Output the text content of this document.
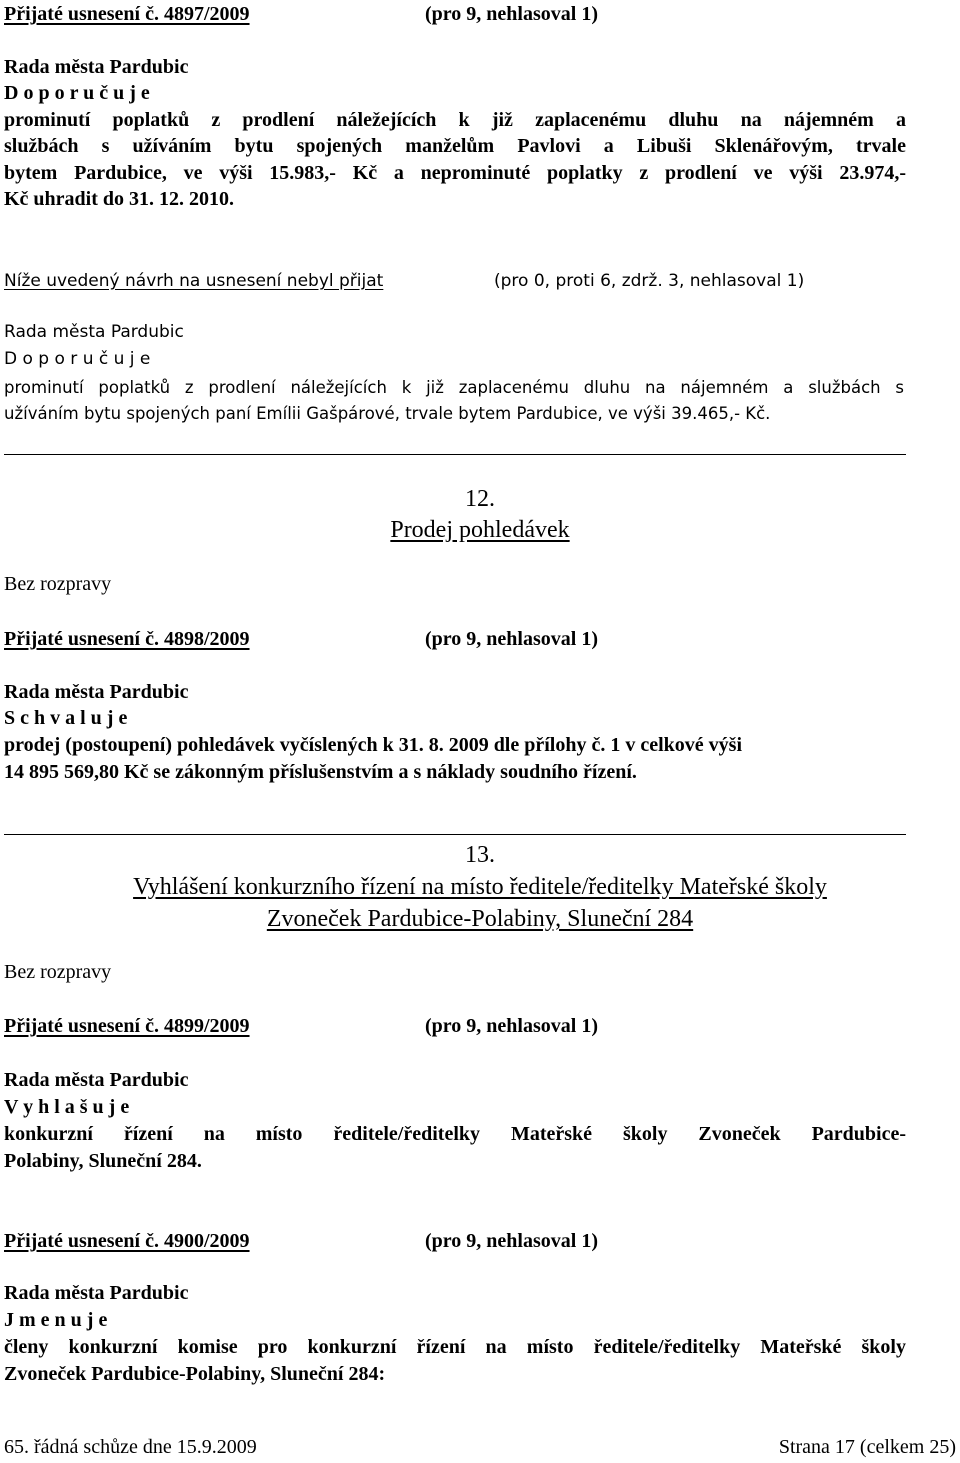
Přijaté usnesení č. 4897/2009	(pro 9, nehlasoval 1)
Rada města Pardubic
D o p o r u č u j e
prominutí poplatků z prodlení náležejících k již zaplacenému dluhu na nájemném a
službách s užíváním bytu spojených manželům Pavlovi a Libuši Sklenářovým, trvale
bytem Pardubice, ve výši 15.983,- Kč a neprominuté poplatky z prodlení ve výši 23.974,-
Kč uhradit do 31. 12. 2010.
Níže uvedený návrh na usnesení nebyl přijat	(pro 0, proti 6, zdrž. 3, nehlasoval 1)
Rada města Pardubic
D o p o r u č u j e
prominutí poplatků z prodlení náležejících k již zaplacenému dluhu na nájemném a službách s
užíváním bytu spojených paní Emílii Gašpárové, trvale bytem Pardubice, ve výši 39.465,- Kč.
12.
Prodej pohledávek
Bez rozpravy
Přijaté usnesení č. 4898/2009	(pro 9, nehlasoval 1)
Rada města Pardubic
S c h v a l u j e
prodej (postoupení) pohledávek vyčíslených k 31. 8. 2009 dle přílohy č. 1 v celkové výši
14 895 569,80 Kč se zákonným příslušenstvím a s náklady soudního řízení.
13.
Vyhlášení konkurzního řízení na místo ředitele/ředitelky Mateřské školy
Zvoneček Pardubice-Polabiny, Sluneční 284
Bez rozpravy
Přijaté usnesení č. 4899/2009	(pro 9, nehlasoval 1)
Rada města Pardubic
V y h l a š u j e
konkurzní řízení na místo ředitele/ředitelky Mateřské školy Zvoneček Pardubice-
Polabiny, Sluneční 284.
Přijaté usnesení č. 4900/2009	(pro 9, nehlasoval 1)
Rada města Pardubic
J m e n u j e
členy konkurzní komise pro konkurzní řízení na místo ředitele/ředitelky Mateřské školy
Zvoneček Pardubice-Polabiny, Sluneční 284:
65. řádná schůze dne 15.9.2009	Strana 17 (celkem 25)
